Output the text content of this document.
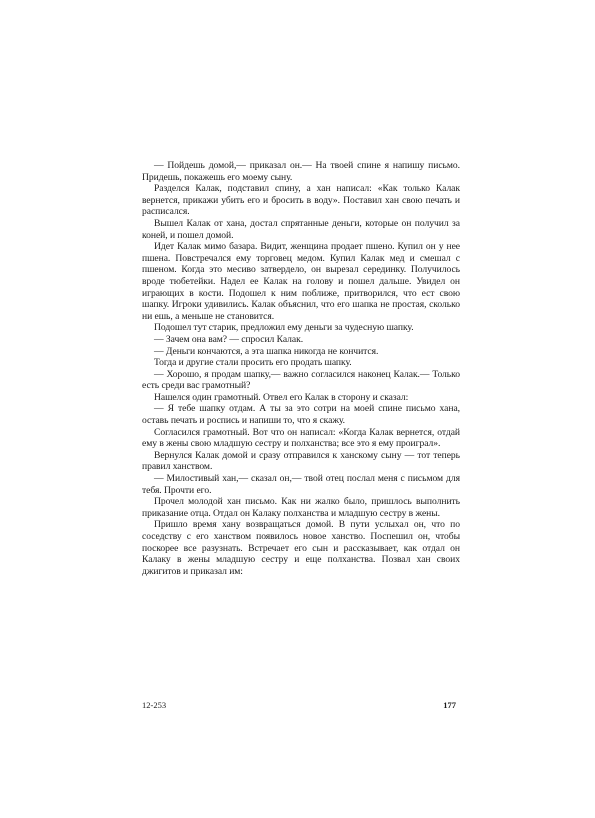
— Пойдешь домой,— приказал он.— На твоей спине я напишу письмо. Придешь, покажешь его моему сыну.

Разделся Калак, подставил спину, а хан написал: «Как только Калак вернется, прикажи убить его и бросить в воду». Поставил хан свою печать и расписался.

Вышел Калак от хана, достал спрятанные деньги, которые он получил за коней, и пошел домой.

Идет Калак мимо базара. Видит, женщина продает пшено. Купил он у нее пшена. Повстречался ему торговец медом. Купил Калак мед и смешал с пшеном. Когда это месиво затвердело, он вырезал серединку. Получилось вроде тюбетейки. Надел ее Калак на голову и пошел дальше. Увидел он играющих в кости. Подошел к ним поближе, притворился, что ест свою шапку. Игроки удивились. Калак объяснил, что его шапка не простая, сколько ни ешь, а меньше не становится.

Подошел тут старик, предложил ему деньги за чудесную шапку.

— Зачем она вам? — спросил Калак.

— Деньги кончаются, а эта шапка никогда не кончится.

Тогда и другие стали просить его продать шапку.

— Хорошо, я продам шапку,— важно согласился наконец Калак.— Только есть среди вас грамотный?

Нашелся один грамотный. Отвел его Калак в сторону и сказал:

— Я тебе шапку отдам. А ты за это сотри на моей спине письмо хана, оставь печать и роспись и напиши то, что я скажу.

Согласился грамотный. Вот что он написал: «Когда Калак вернется, отдай ему в жены свою младшую сестру и полханства; все это я ему проиграл».

Вернулся Калак домой и сразу отправился к ханскому сыну — тот теперь правил ханством.

— Милостивый хан,— сказал он,— твой отец послал меня с письмом для тебя. Прочти его.

Прочел молодой хан письмо. Как ни жалко было, пришлось выполнить приказание отца. Отдал он Калаку полханства и младшую сестру в жены.

Пришло время хану возвращаться домой. В пути услыхал он, что по соседству с его ханством появилось новое ханство. Поспешил он, чтобы поскорее все разузнать. Встречает его сын и рассказывает, как отдал он Калаку в жены младшую сестру и еще полханства. Позвал хан своих джигитов и приказал им:

12-253	177
